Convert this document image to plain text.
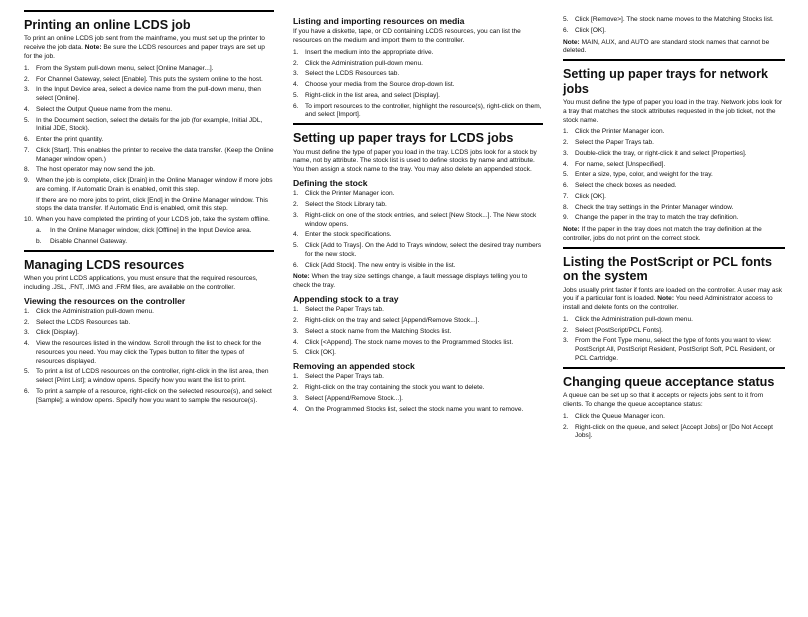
Printing an online LCDS job

To print an online LCDS job sent from the mainframe, you must set up the printer to receive the job data. Note: Be sure the LCDS resources and paper trays are set up for the job.

1. From the System pull-down menu, select [Online Manager...].
2. For Channel Gateway, select [Enable]. This puts the system online to the host.
3. In the Input Device area, select a device name from the pull-down menu, then select [Online].
4. Select the Output Queue name from the menu.
5. In the Document section, select the details for the job (for example, Initial JDL, Initial JDE, Stock).
6. Enter the print quantity.
7. Click [Start]. This enables the printer to receive the data transfer. (Keep the Online Manager window open.)
8. The host operator may now send the job.
9. When the job is complete, click [Drain] in the Online Manager window if more jobs are coming. If Automatic Drain is enabled, omit this step.
If there are no more jobs to print, click [End] in the Online Manager window. This stops the data transfer. If Automatic End is enabled, omit this step.
10. When you have completed the printing of your LCDS job, take the system offline.
a. In the Online Manager window, click [Offline] in the Input Device area.
b. Disable Channel Gateway.
Managing LCDS resources

When you print LCDS applications, you must ensure that the required resources, including .JSL, .FNT, .IMG and .FRM files, are available on the controller.

Viewing the resources on the controller
1. Click the Administration pull-down menu.
2. Select the LCDS Resources tab.
3. Click [Display].
4. View the resources listed in the window. Scroll through the list to check for the resources you need. You may click the Types button to filter the types of resources displayed.
5. To print a list of LCDS resources on the controller, right-click in the list area, then select [Print List]; a window opens. Specify how you want the list to print.
6. To print a sample of a resource, right-click on the selected resource(s), and select [Sample]; a window opens. Specify how you want to sample the resource(s).
Listing and importing resources on media

If you have a diskette, tape, or CD containing LCDS resources, you can list the resources on the medium and import them to the controller.

1. Insert the medium into the appropriate drive.
2. Click the Administration pull-down menu.
3. Select the LCDS Resources tab.
4. Choose your media from the Source drop-down list.
5. Right-click in the list area, and select [Display].
6. To import resources to the controller, highlight the resource(s), right-click on them, and select [Import].
Setting up paper trays for LCDS jobs

You must define the type of paper you load in the tray. LCDS jobs look for a stock by name, not by attribute. The stock list is used to define stocks by name and attribute. You then assign a stock name to the tray. You may also delete an appended stock.

Defining the stock
1. Click the Printer Manager icon.
2. Select the Stock Library tab.
3. Right-click on one of the stock entries, and select [New Stock...]. The New stock window opens.
4. Enter the stock specifications.
5. Click [Add to Trays]. On the Add to Trays window, select the desired tray numbers for the new stock.
6. Click [Add Stock]. The new entry is visible in the list.

Note: When the tray size settings change, a fault message displays telling you to check the tray.

Appending stock to a tray
1. Select the Paper Trays tab.
2. Right-click on the tray and select [Append/Remove Stock...].
3. Select a stock name from the Matching Stocks list.
4. Click [<Append]. The stock name moves to the Programmed Stocks list.
5. Click [OK].
Removing an appended stock
1. Select the Paper Trays tab.
2. Right-click on the tray containing the stock you want to delete.
3. Select [Append/Remove Stock...].
4. On the Programmed Stocks list, select the stock name you want to remove.
5. Click [Remove>]. The stock name moves to the Matching Stocks list.
6. Click [OK].

Note: MAIN, AUX, and AUTO are standard stock names that cannot be deleted.

Setting up paper trays for network jobs

You must define the type of paper you load in the tray. Network jobs look for a tray that matches the stock attributes requested in the job ticket, not the stock name.

1. Click the Printer Manager icon.
2. Select the Paper Trays tab.
3. Double-click the tray, or right-click it and select [Properties].
4. For name, select [Unspecified].
5. Enter a size, type, color, and weight for the tray.
6. Select the check boxes as needed.
7. Click [OK].
8. Check the tray settings in the Printer Manager window.
9. Change the paper in the tray to match the tray definition.

Note: If the paper in the tray does not match the tray definition at the controller, jobs do not print on the correct stock.

Listing the PostScript or PCL fonts on the system

Jobs usually print faster if fonts are loaded on the controller. A user may ask you if a particular font is loaded. Note: You need Administrator access to install and delete fonts on the controller.

1. Click the Administration pull-down menu.
2. Select [PostScript/PCL Fonts].
3. From the Font Type menu, select the type of fonts you want to view: PostScript All, PostScript Resident, PostScript Soft, PCL Resident, or PCL Cartridge.
Changing queue acceptance status

A queue can be set up so that it accepts or rejects jobs sent to it from clients. To change the queue acceptance status:

1. Click the Queue Manager icon.
2. Right-click on the queue, and select [Accept Jobs] or [Do Not Accept Jobs].
